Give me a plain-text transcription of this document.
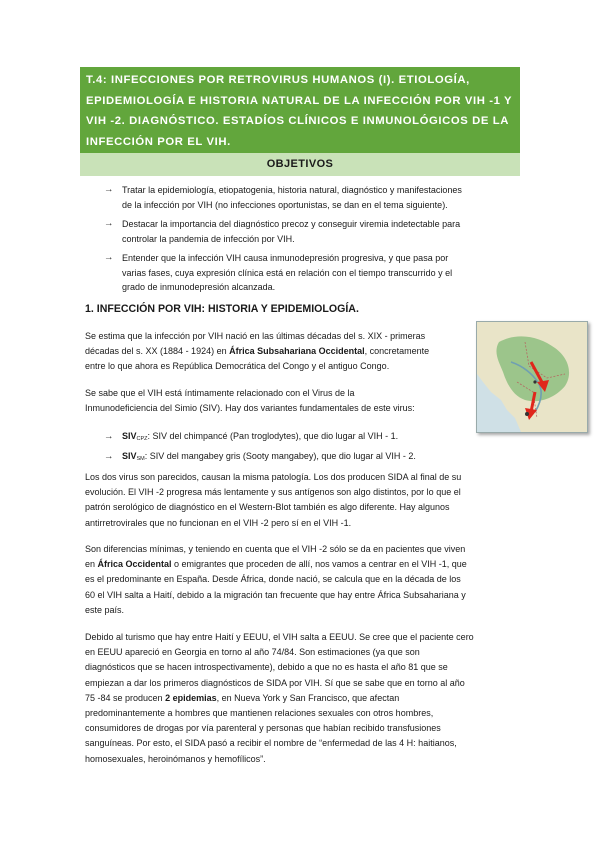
T.4: INFECCIONES POR RETROVIRUS HUMANOS (I). ETIOLOGÍA,
EPIDEMIOLOGÍA E HISTORIA NATURAL DE LA INFECCIÓN POR VIH -1 Y
VIH -2. DIAGNÓSTICO. ESTADÍOS CLÍNICOS E INMUNOLÓGICOS DE LA
INFECCIÓN POR EL VIH.
OBJETIVOS
→ Tratar la epidemiología, etiopatogenia, historia natural, diagnóstico y manifestaciones
de la infección por VIH (no infecciones oportunistas, se dan en el tema siguiente).
→ Destacar la importancia del diagnóstico precoz y conseguir viremia indetectable para
controlar la pandemia de infección por VIH.
→ Entender que la infección VIH causa inmunodepresión progresiva, y que pasa por
varias fases, cuya expresión clínica está en relación con el tiempo transcurrido y el
grado de inmunodepresión alcanzada.
1. INFECCIÓN POR VIH: HISTORIA Y EPIDEMIOLOGÍA.
Se estima que la infección por VIH nació en las últimas décadas del s. XIX - primeras
décadas del s. XX (1884 - 1924) en África Subsahariana Occidental, concretamente
entre lo que ahora es República Democrática del Congo y el antiguo Congo.
Se sabe que el VIH está íntimamente relacionado con el Virus de la
Inmunodeficiencia del Simio (SIV). Hay dos variantes fundamentales de este virus:
→ $SIV_{CPZ}$: SIV del chimpancé (Pan troglodytes), que dio lugar al VIH - 1.
→ $SIV_{SM}$: SIV del mangabey gris (Sooty mangabey), que dio lugar al VIH - 2.
Los dos virus son parecidos, causan la misma patología. Los dos producen SIDA al final de su
evolución. El VIH -2 progresa más lentamente y sus antígenos son algo distintos, por lo que el
patrón serológico de diagnóstico en el Western-Blot también es algo diferente. Hay algunos
antirretrovirales que no funcionan en el VIH -2 pero sí en el VIH -1.
Son diferencias mínimas, y teniendo en cuenta que el VIH -2 sólo se da en pacientes que viven
en África Occidental o emigrantes que proceden de allí, nos vamos a centrar en el VIH -1, que
es el predominante en España. Desde África, donde nació, se calcula que en la década de los
60 el VIH salta a Haití, debido a la migración tan frecuente que hay entre África Subsahariana y
este país.
Debido al turismo que hay entre Haití y EEUU, el VIH salta a EEUU. Se cree que el paciente cero
en EEUU apareció en Georgia en torno al año 74/84. Son estimaciones (ya que son
diagnósticos que se hacen introspectivamente), debido a que no es hasta el año 81 que se
empiezan a dar los primeros diagnósticos de SIDA por VIH. Sí que se sabe que en torno al año
75 -84 se producen 2 epidemias, en Nueva York y San Francisco, que afectan
predominantemente a hombres que mantienen relaciones sexuales con otros hombres,
consumidores de drogas por vía parenteral y personas que habían recibido transfusiones
sanguíneas. Por esto, el SIDA pasó a recibir el nombre de “enfermedad de las 4 H: haitianos,
homosexuales, heroinómanos y hemofílicos”.
